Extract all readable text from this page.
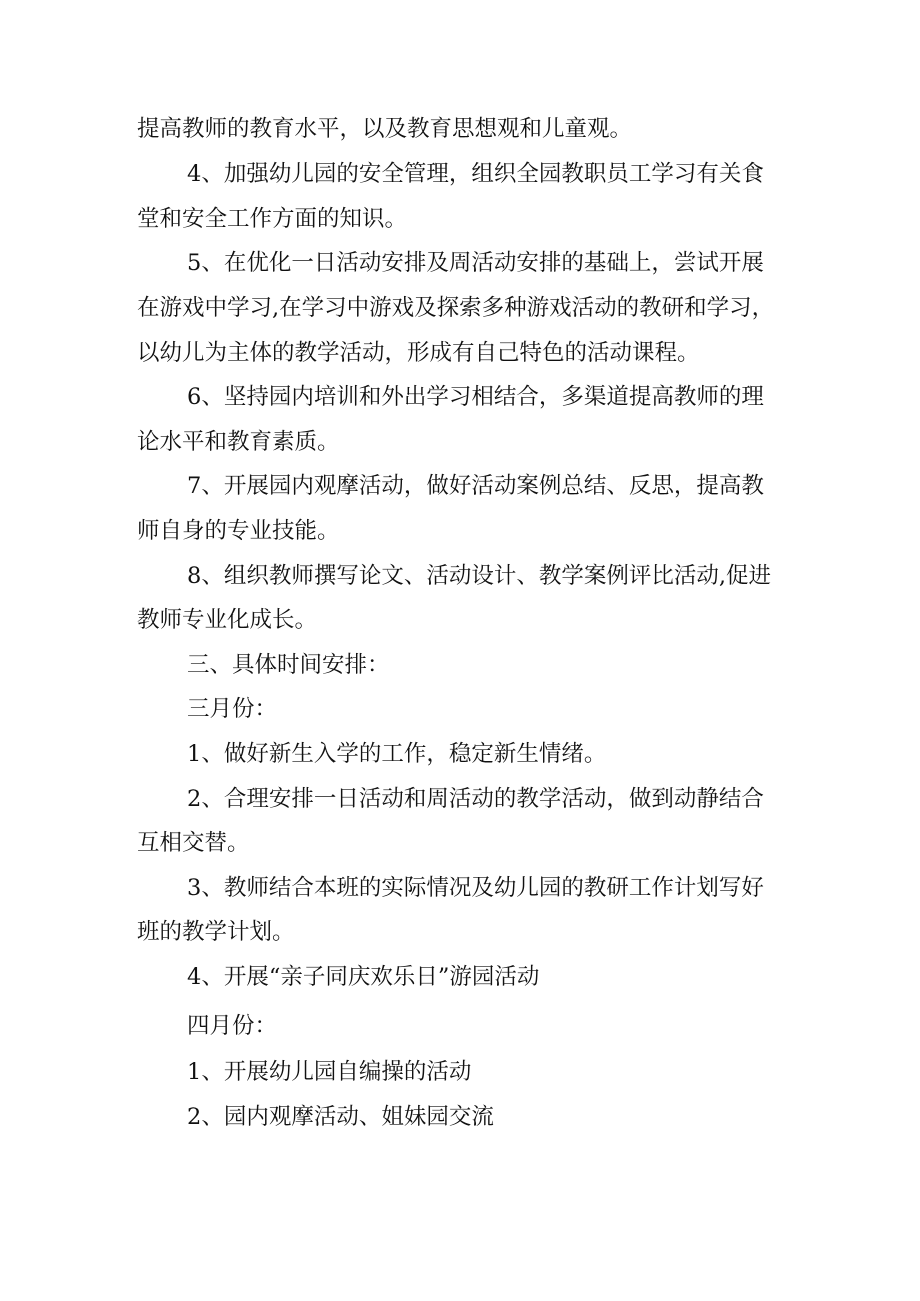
提高教师的教育水平，以及教育思想观和儿童观。

4、加强幼儿园的安全管理，组织全园教职员工学习有关食

堂和安全工作方面的知识。

5、在优化一日活动安排及周活动安排的基础上，尝试开展

在游戏中学习,在学习中游戏及探索多种游戏活动的教研和学习，

以幼儿为主体的教学活动，形成有自己特色的活动课程。

6、坚持园内培训和外出学习相结合，多渠道提高教师的理

论水平和教育素质。

7、开展园内观摩活动，做好活动案例总结、反思，提高教

师自身的专业技能。

8、组织教师撰写论文、活动设计、教学案例评比活动,促进

教师专业化成长。

三、具体时间安排：

三月份：

1、做好新生入学的工作，稳定新生情绪。

2、合理安排一日活动和周活动的教学活动，做到动静结合

互相交替。

3、教师结合本班的实际情况及幼儿园的教研工作计划写好

班的教学计划。

4、开展“亲子同庆欢乐日”游园活动

四月份：

1、开展幼儿园自编操的活动

2、园内观摩活动、姐妹园交流
